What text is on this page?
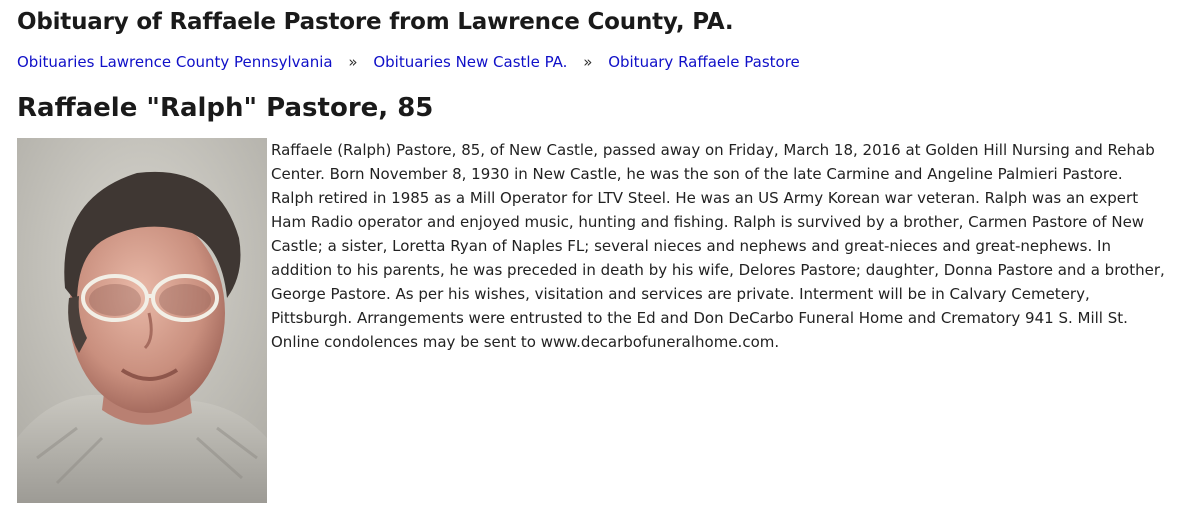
Obituary of Raffaele Pastore from Lawrence County, PA.
Obituaries Lawrence County Pennsylvania » Obituaries New Castle PA. » Obituary Raffaele Pastore
Raffaele "Ralph" Pastore, 85

Raffaele (Ralph) Pastore, 85, of New Castle, passed away on Friday, March 18, 2016 at Golden Hill Nursing and Rehab Center. Born November 8, 1930 in New Castle, he was the son of the late Carmine and Angeline Palmieri Pastore. Ralph retired in 1985 as a Mill Operator for LTV Steel. He was an US Army Korean war veteran. Ralph was an expert Ham Radio operator and enjoyed music, hunting and fishing. Ralph is survived by a brother, Carmen Pastore of New Castle; a sister, Loretta Ryan of Naples FL; several nieces and nephews and great-nieces and great-nephews. In addition to his parents, he was preceded in death by his wife, Delores Pastore; daughter, Donna Pastore and a brother, George Pastore. As per his wishes, visitation and services are private. Interment will be in Calvary Cemetery, Pittsburgh. Arrangements were entrusted to the Ed and Don DeCarbo Funeral Home and Crematory 941 S. Mill St. Online condolences may be sent to www.decarbofuneralhome.com.
